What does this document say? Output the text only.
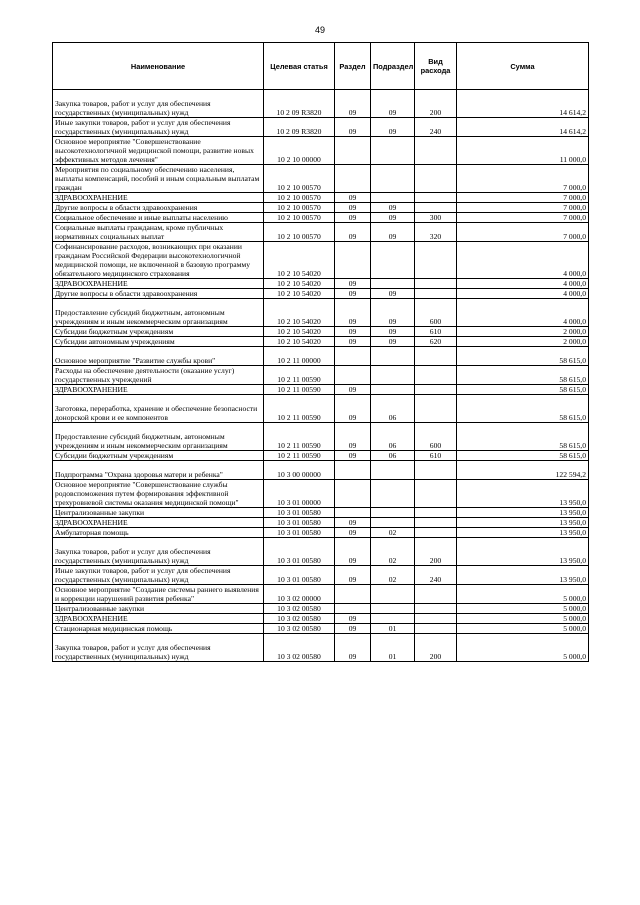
49
Наименование	Целевая статья	Раздел	Подраздел	Вид расхода	Сумма
Закупка товаров, работ и услуг для обеспечения государственных (муниципальных) нужд	10 2 09 R3820	09	09	200	14 614,2
Иные закупки товаров, работ и услуг для обеспечения государственных (муниципальных) нужд	10 2 09 R3820	09	09	240	14 614,2
Основное мероприятие "Совершенствование высокотехнологичной медицинской помощи, развитие новых эффективных методов лечения"	10 2 10 00000				11 000,0
Мероприятия по социальному обеспечению населения, выплаты компенсаций, пособий и иным социальным выплатам граждан	10 2 10 00570				7 000,0
ЗДРАВООХРАНЕНИЕ	10 2 10 00570	09			7 000,0
Другие вопросы в области здравоохранения	10 2 10 00570	09	09		7 000,0
Социальное обеспечение и иные выплаты населению	10 2 10 00570	09	09	300	7 000,0
Социальные выплаты гражданам, кроме публичных нормативных социальных выплат	10 2 10 00570	09	09	320	7 000,0
Софинансирование расходов, возникающих при оказании гражданам Российской Федерации высокотехнологичной медицинской помощи, не включенной в базовую программу обязательного медицинского страхования	10 2 10 54020				4 000,0
ЗДРАВООХРАНЕНИЕ	10 2 10 54020	09			4 000,0
Другие вопросы в области здравоохранения	10 2 10 54020	09	09		4 000,0
Предоставление субсидий бюджетным, автономным учреждениям и иным некоммерческим организациям	10 2 10 54020	09	09	600	4 000,0
Субсидии бюджетным учреждениям	10 2 10 54020	09	09	610	2 000,0
Субсидии автономным учреждениям	10 2 10 54020	09	09	620	2 000,0
Основное мероприятие "Развитие службы крови"	10 2 11 00000				58 615,0
Расходы на обеспечение деятельности (оказание услуг) государственных учреждений	10 2 11 00590				58 615,0
ЗДРАВООХРАНЕНИЕ	10 2 11 00590	09			58 615,0
Заготовка, переработка, хранение и обеспечение безопасности донорской крови и ее компонентов	10 2 11 00590	09	06		58 615,0
Предоставление субсидий бюджетным, автономным учреждениям и иным некоммерческим организациям	10 2 11 00590	09	06	600	58 615,0
Субсидии бюджетным учреждениям	10 2 11 00590	09	06	610	58 615,0
Подпрограмма "Охрана здоровья матери и ребенка"	10 3 00 00000				122 594,2
Основное мероприятие "Совершенствование службы родовспоможения путем формирования эффективной трехуровневой системы оказания медицинской помощи"	10 3 01 00000				13 950,0
Централизованные закупки	10 3 01 00580				13 950,0
ЗДРАВООХРАНЕНИЕ	10 3 01 00580	09			13 950,0
Амбулаторная помощь	10 3 01 00580	09	02		13 950,0
Закупка товаров, работ и услуг для обеспечения государственных (муниципальных) нужд	10 3 01 00580	09	02	200	13 950,0
Иные закупки товаров, работ и услуг для обеспечения государственных (муниципальных) нужд	10 3 01 00580	09	02	240	13 950,0
Основное мероприятие "Создание системы раннего выявления и коррекции нарушений развития ребенка"	10 3 02 00000				5 000,0
Централизованные закупки	10 3 02 00580				5 000,0
ЗДРАВООХРАНЕНИЕ	10 3 02 00580	09			5 000,0
Стационарная медицинская помощь	10 3 02 00580	09	01		5 000,0
Закупка товаров, работ и услуг для обеспечения государственных (муниципальных) нужд	10 3 02 00580	09	01	200	5 000,0
